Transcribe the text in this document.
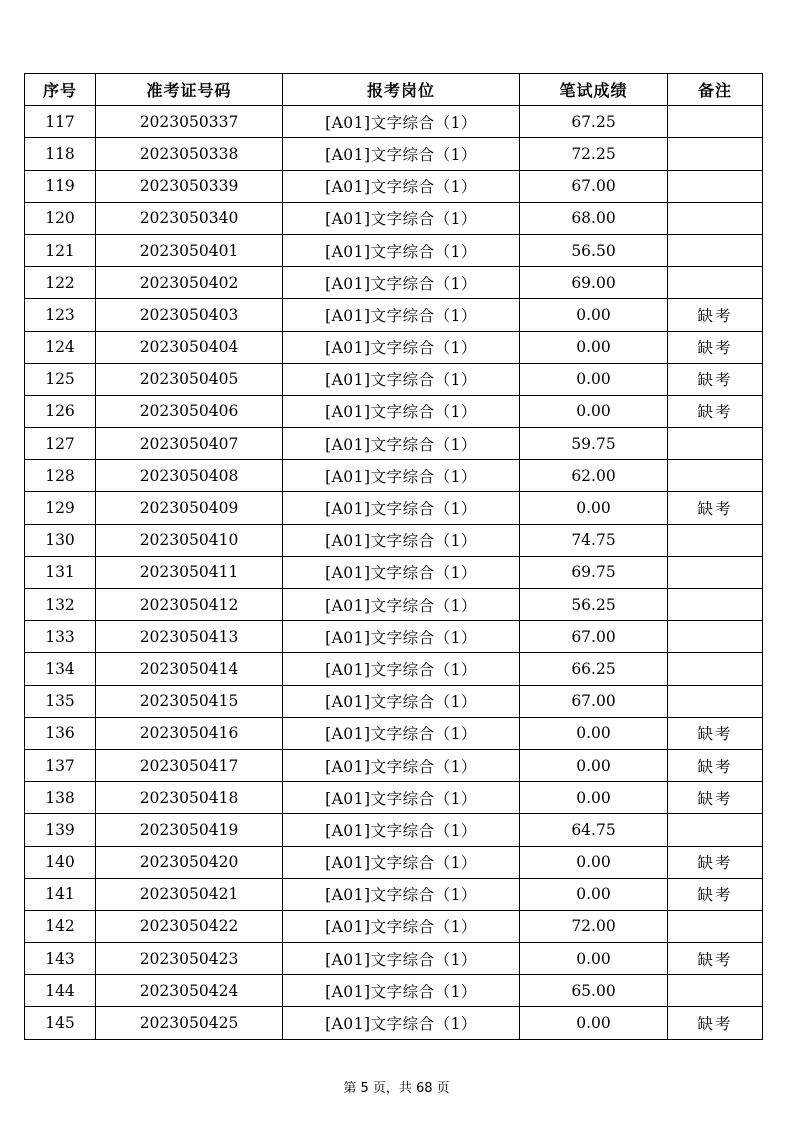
序号	准考证号码	报考岗位	笔试成绩	备注
117	2023050337	[A01]文字综合（1）	67.25	
118	2023050338	[A01]文字综合（1）	72.25	
119	2023050339	[A01]文字综合（1）	67.00	
120	2023050340	[A01]文字综合（1）	68.00	
121	2023050401	[A01]文字综合（1）	56.50	
122	2023050402	[A01]文字综合（1）	69.00	
123	2023050403	[A01]文字综合（1）	0.00	缺考
124	2023050404	[A01]文字综合（1）	0.00	缺考
125	2023050405	[A01]文字综合（1）	0.00	缺考
126	2023050406	[A01]文字综合（1）	0.00	缺考
127	2023050407	[A01]文字综合（1）	59.75	
128	2023050408	[A01]文字综合（1）	62.00	
129	2023050409	[A01]文字综合（1）	0.00	缺考
130	2023050410	[A01]文字综合（1）	74.75	
131	2023050411	[A01]文字综合（1）	69.75	
132	2023050412	[A01]文字综合（1）	56.25	
133	2023050413	[A01]文字综合（1）	67.00	
134	2023050414	[A01]文字综合（1）	66.25	
135	2023050415	[A01]文字综合（1）	67.00	
136	2023050416	[A01]文字综合（1）	0.00	缺考
137	2023050417	[A01]文字综合（1）	0.00	缺考
138	2023050418	[A01]文字综合（1）	0.00	缺考
139	2023050419	[A01]文字综合（1）	64.75	
140	2023050420	[A01]文字综合（1）	0.00	缺考
141	2023050421	[A01]文字综合（1）	0.00	缺考
142	2023050422	[A01]文字综合（1）	72.00	
143	2023050423	[A01]文字综合（1）	0.00	缺考
144	2023050424	[A01]文字综合（1）	65.00	
145	2023050425	[A01]文字综合（1）	0.00	缺考
第 5 页，共 68 页
